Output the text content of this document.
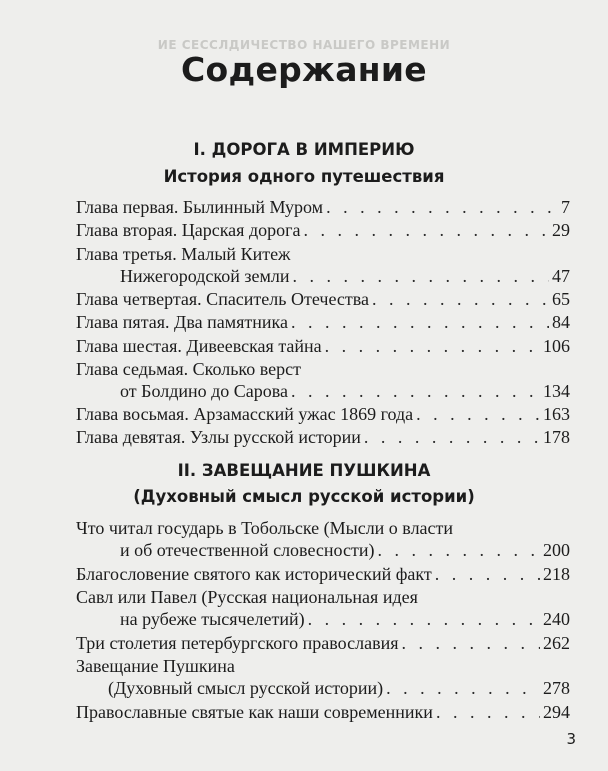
ИЕ СЕССЛДИЧЕСТВО НАШЕГО ВРЕМЕНИ
Содержание
I. ДОРОГА В ИМПЕРИЮ
История одного путешествия
Глава первая. Былинный Муром . . .	7
Глава вторая. Царская дорога . . .	29
Глава третья. Малый Китеж
Нижегородской земли . . .	47
Глава четвертая. Спаситель Отечества . . .	65
Глава пятая. Два памятника . . .	84
Глава шестая. Дивеевская тайна . . .	106
Глава седьмая. Сколько верст
от Болдино до Сарова . . .	134
Глава восьмая. Арзамасский ужас 1869 года . . .	163
Глава девятая. Узлы русской истории . . .	178
II. ЗАВЕЩАНИЕ ПУШКИНА
(Духовный смысл русской истории)
Что читал государь в Тобольске (Мысли о власти
и об отечественной словесности) . . .	200
Благословение святого как исторический факт . . .	218
Савл или Павел (Русская национальная идея
на рубеже тысячелетий) . . .	240
Три столетия петербургского православия . . .	262
Завещание Пушкина
(Духовный смысл русской истории) . . .	278
Православные святые как наши современники . . .	294
3
